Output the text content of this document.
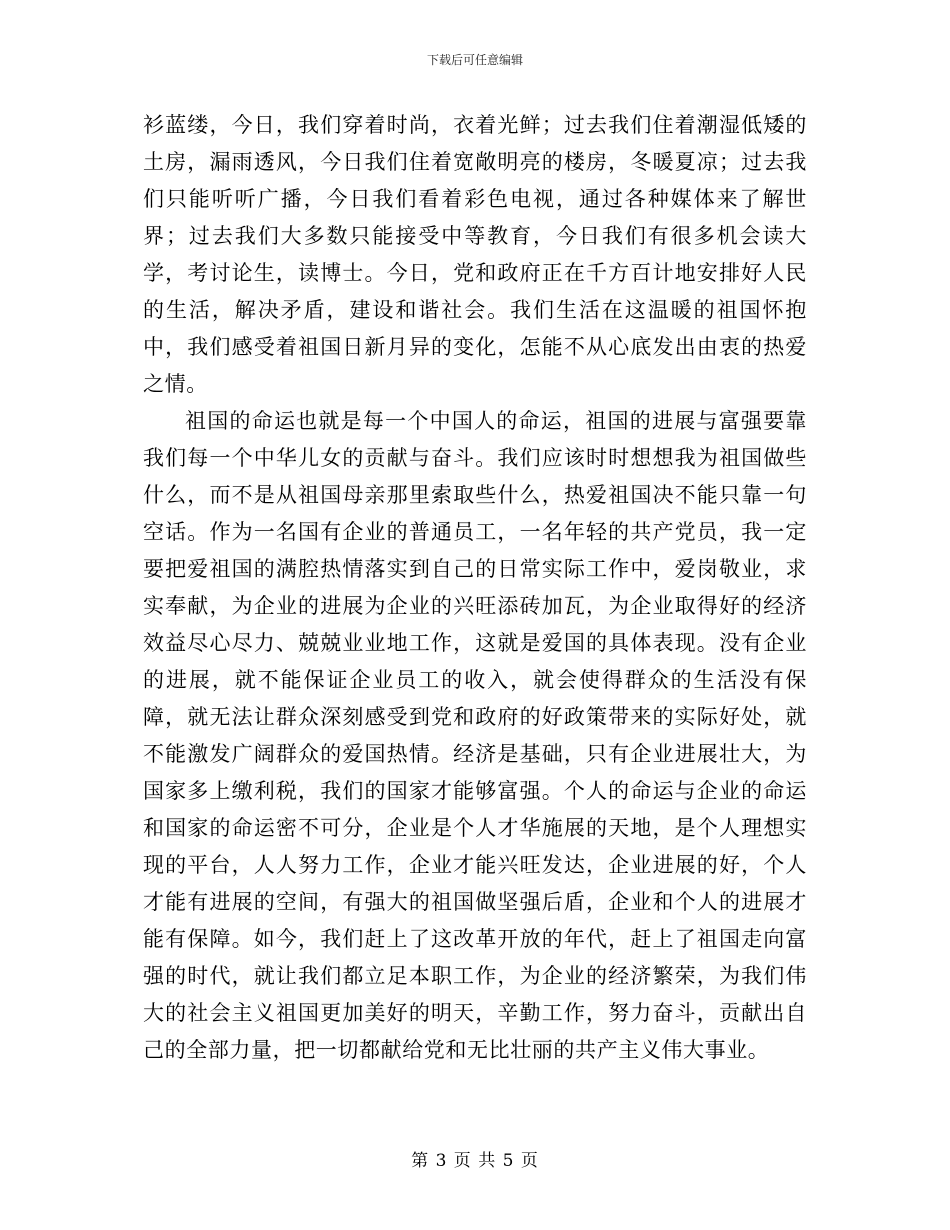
下载后可任意编辑

衫蓝缕，今日，我们穿着时尚，衣着光鲜；过去我们住着潮湿低矮的土房，漏雨透风，今日我们住着宽敞明亮的楼房，冬暖夏凉；过去我们只能听听广播，今日我们看着彩色电视，通过各种媒体来了解世界；过去我们大多数只能接受中等教育，今日我们有很多机会读大学，考讨论生，读博士。今日，党和政府正在千方百计地安排好人民的生活，解决矛盾，建设和谐社会。我们生活在这温暖的祖国怀抱中，我们感受着祖国日新月异的变化，怎能不从心底发出由衷的热爱之情。

祖国的命运也就是每一个中国人的命运，祖国的进展与富强要靠我们每一个中华儿女的贡献与奋斗。我们应该时时想想我为祖国做些什么，而不是从祖国母亲那里索取些什么，热爱祖国决不能只靠一句空话。作为一名国有企业的普通员工，一名年轻的共产党员，我一定要把爱祖国的满腔热情落实到自己的日常实际工作中，爱岗敬业，求实奉献，为企业的进展为企业的兴旺添砖加瓦，为企业取得好的经济效益尽心尽力、兢兢业业地工作，这就是爱国的具体表现。没有企业的进展，就不能保证企业员工的收入，就会使得群众的生活没有保障，就无法让群众深刻感受到党和政府的好政策带来的实际好处，就不能激发广阔群众的爱国热情。经济是基础，只有企业进展壮大，为国家多上缴利税，我们的国家才能够富强。个人的命运与企业的命运和国家的命运密不可分，企业是个人才华施展的天地，是个人理想实现的平台，人人努力工作，企业才能兴旺发达，企业进展的好，个人才能有进展的空间，有强大的祖国做坚强后盾，企业和个人的进展才能有保障。如今，我们赶上了这改革开放的年代，赶上了祖国走向富强的时代，就让我们都立足本职工作，为企业的经济繁荣，为我们伟大的社会主义祖国更加美好的明天，辛勤工作，努力奋斗，贡献出自己的全部力量，把一切都献给党和无比壮丽的共产主义伟大事业。

第 3 页 共 5 页
